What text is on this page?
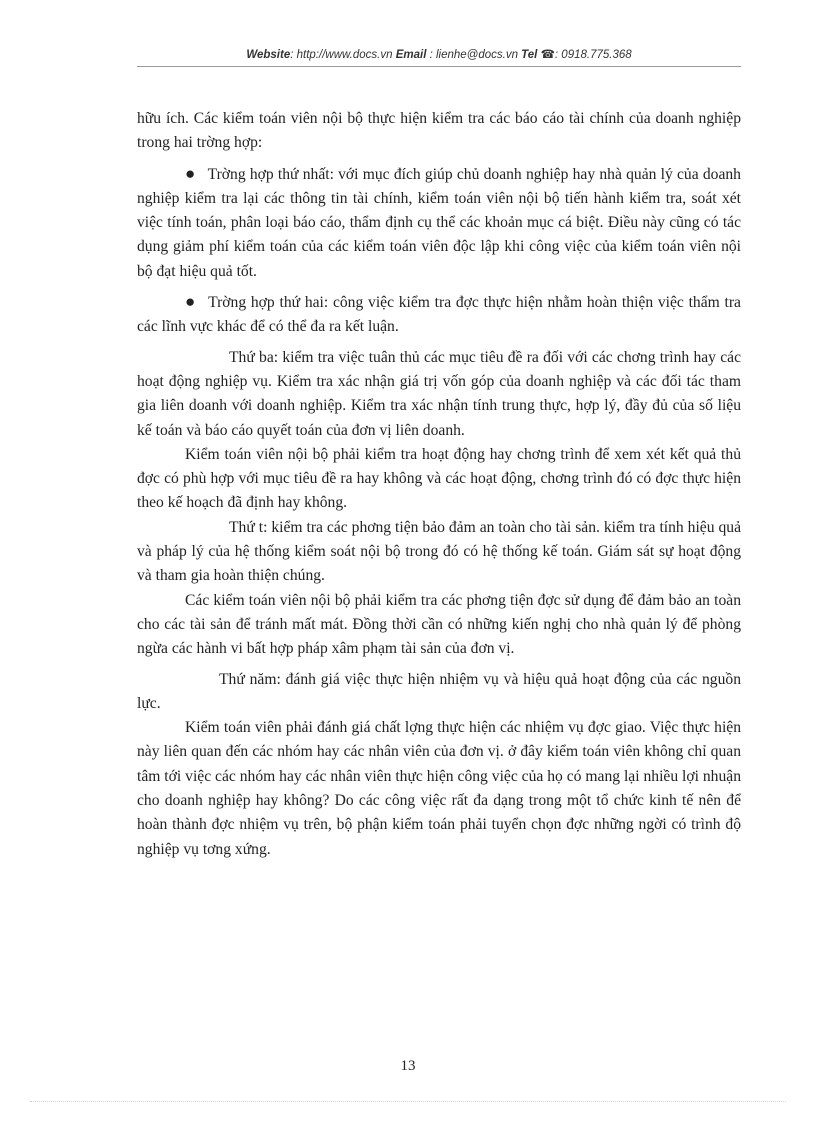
Website: http://www.docs.vn Email : lienhe@docs.vn Tel ☎: 0918.775.368

hữu ích. Các kiểm toán viên nội bộ thực hiện kiểm tra các báo cáo tài chính của doanh nghiệp trong hai trờng hợp:

● Trờng hợp thứ nhất: với mục đích giúp chủ doanh nghiệp hay nhà quản lý của doanh nghiệp kiểm tra lại các thông tin tài chính, kiểm toán viên nội bộ tiến hành kiểm tra, soát xét việc tính toán, phân loại báo cáo, thẩm định cụ thể các khoản mục cá biệt. Điều này cũng có tác dụng giảm phí kiểm toán của các kiểm toán viên độc lập khi công việc của kiểm toán viên nội bộ đạt hiệu quả tốt.

● Trờng hợp thứ hai: công việc kiểm tra đợc thực hiện nhằm hoàn thiện việc thẩm tra các lĩnh vực khác để có thể đa ra kết luận.

Thứ ba: kiểm tra việc tuân thủ các mục tiêu đề ra đối với các chơng trình hay các hoạt động nghiệp vụ. Kiểm tra xác nhận giá trị vốn góp của doanh nghiệp và các đối tác tham gia liên doanh với doanh nghiệp. Kiểm tra xác nhận tính trung thực, hợp lý, đầy đủ của số liệu kế toán và báo cáo quyết toán của đơn vị liên doanh.

Kiểm toán viên nội bộ phải kiểm tra hoạt động hay chơng trình để xem xét kết quả thủ đợc có phù hợp với mục tiêu đề ra hay không và các hoạt động, chơng trình đó có đợc thực hiện theo kế hoạch đã định hay không.

Thứ t: kiểm tra các phơng tiện bảo đảm an toàn cho tài sản. kiểm tra tính hiệu quả và pháp lý của hệ thống kiểm soát nội bộ trong đó có hệ thống kế toán. Giám sát sự hoạt động và tham gia hoàn thiện chúng.

Các kiểm toán viên nội bộ phải kiểm tra các phơng tiện đợc sử dụng để đảm bảo an toàn cho các tài sản để tránh mất mát. Đồng thời cần có những kiến nghị cho nhà quản lý để phòng ngừa các hành vi bất hợp pháp xâm phạm tài sản của đơn vị.

Thứ năm: đánh giá việc thực hiện nhiệm vụ và hiệu quả hoạt động của các nguồn lực.

Kiểm toán viên phải đánh giá chất lợng thực hiện các nhiệm vụ đợc giao. Việc thực hiện này liên quan đến các nhóm hay các nhân viên của đơn vị. ở đây kiểm toán viên không chỉ quan tâm tới việc các nhóm hay các nhân viên thực hiện công việc của họ có mang lại nhiều lợi nhuận cho doanh nghiệp hay không? Do các công việc rất đa dạng trong một tổ chức kinh tế nên để hoàn thành đợc nhiệm vụ trên, bộ phận kiểm toán phải tuyển chọn đợc những ngời có trình độ nghiệp vụ tơng xứng.

13
